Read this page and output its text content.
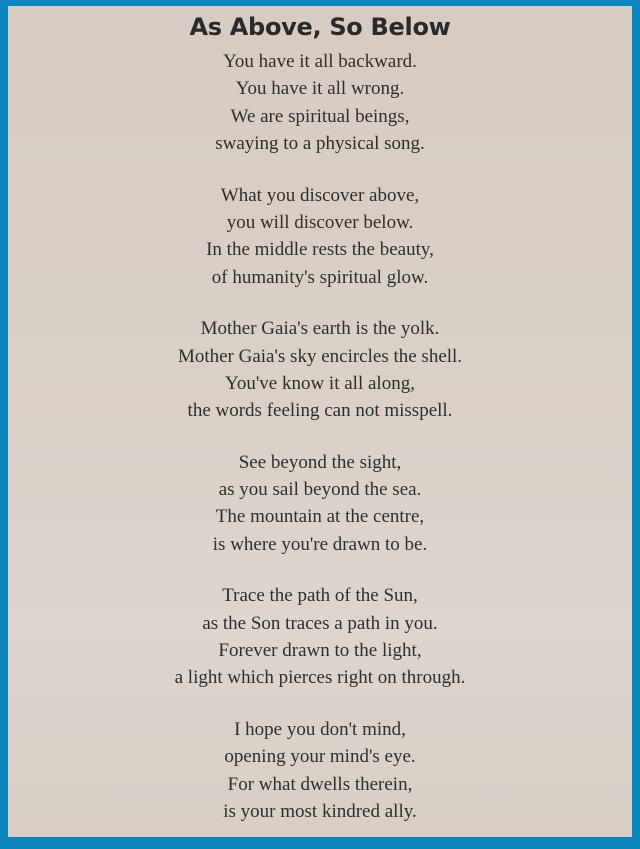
As Above, So Below
You have it all backward.
You have it all wrong.
We are spiritual beings,
swaying to a physical song.
What you discover above,
you will discover below.
In the middle rests the beauty,
of humanity's spiritual glow.
Mother Gaia's earth is the yolk.
Mother Gaia's sky encircles the shell.
You've know it all along,
the words feeling can not misspell.
See beyond the sight,
as you sail beyond the sea.
The mountain at the centre,
is where you're drawn to be.
Trace the path of the Sun,
as the Son traces a path in you.
Forever drawn to the light,
a light which pierces right on through.
I hope you don't mind,
opening your mind's eye.
For what dwells therein,
is your most kindred ally.
